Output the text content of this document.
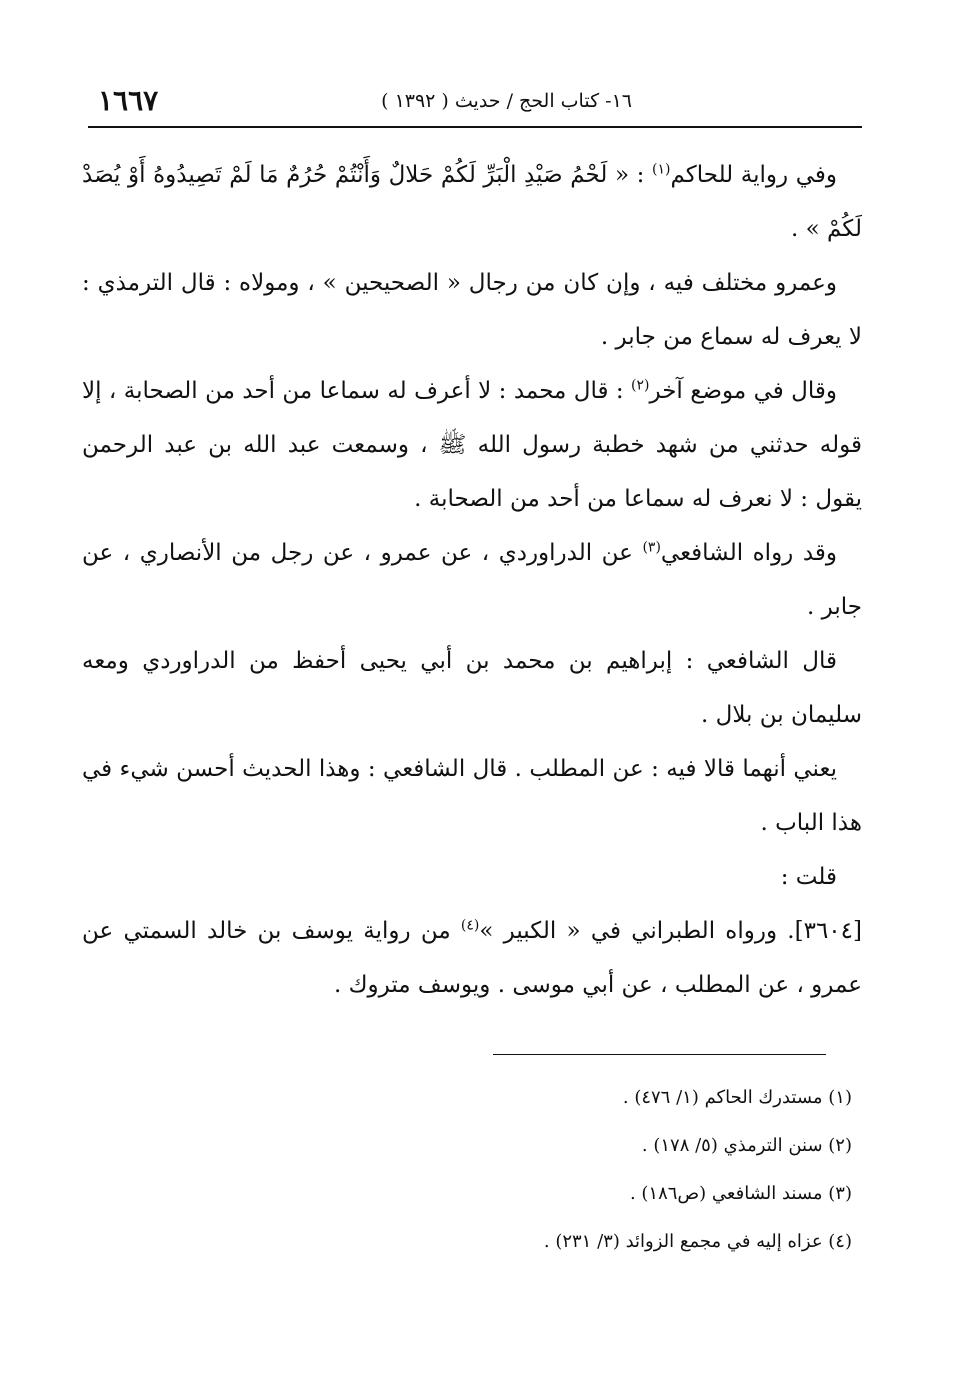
١٦- كتاب الحج / حديث ( ١٣٩٢ )
١٦٦٧

وفي رواية للحاكم$^{(١)}$ : « لَحْمُ صَيْدِ الْبَرِّ لَكُمْ حَلالٌ وَأَنْتُمْ حُرُمٌ مَا لَمْ تَصِيدُوهُ أَوْ يُصَدْ لَكُمْ » .

وعمرو مختلف فيه ، وإن كان من رجال « الصحيحين » ، ومولاه : قال الترمذي : لا يعرف له سماع من جابر .

وقال في موضع آخر$^{(٢)}$ : قال محمد : لا أعرف له سماعا من أحد من الصحابة ، إلا قوله حدثني من شهد خطبة رسول الله ﷺ ، وسمعت عبد الله بن عبد الرحمن يقول : لا نعرف له سماعا من أحد من الصحابة .

وقد رواه الشافعي$^{(٣)}$ عن الدراوردي ، عن عمرو ، عن رجل من الأنصاري ، عن جابر .

قال الشافعي : إبراهيم بن محمد بن أبي يحيى أحفظ من الدراوردي ومعه سليمان بن بلال .

يعني أنهما قالا فيه : عن المطلب . قال الشافعي : وهذا الحديث أحسن شيء في هذا الباب .

قلت :

[٣٦٠٤]. ورواه الطبراني في « الكبير »$^{(٤)}$ من رواية يوسف بن خالد السمتي عن عمرو ، عن المطلب ، عن أبي موسى . ويوسف متروك .

(١) مستدرك الحاكم (١/ ٤٧٦) .
(٢) سنن الترمذي (٥/ ١٧٨) .
(٣) مسند الشافعي (ص١٨٦) .
(٤) عزاه إليه في مجمع الزوائد (٣/ ٢٣١) .
